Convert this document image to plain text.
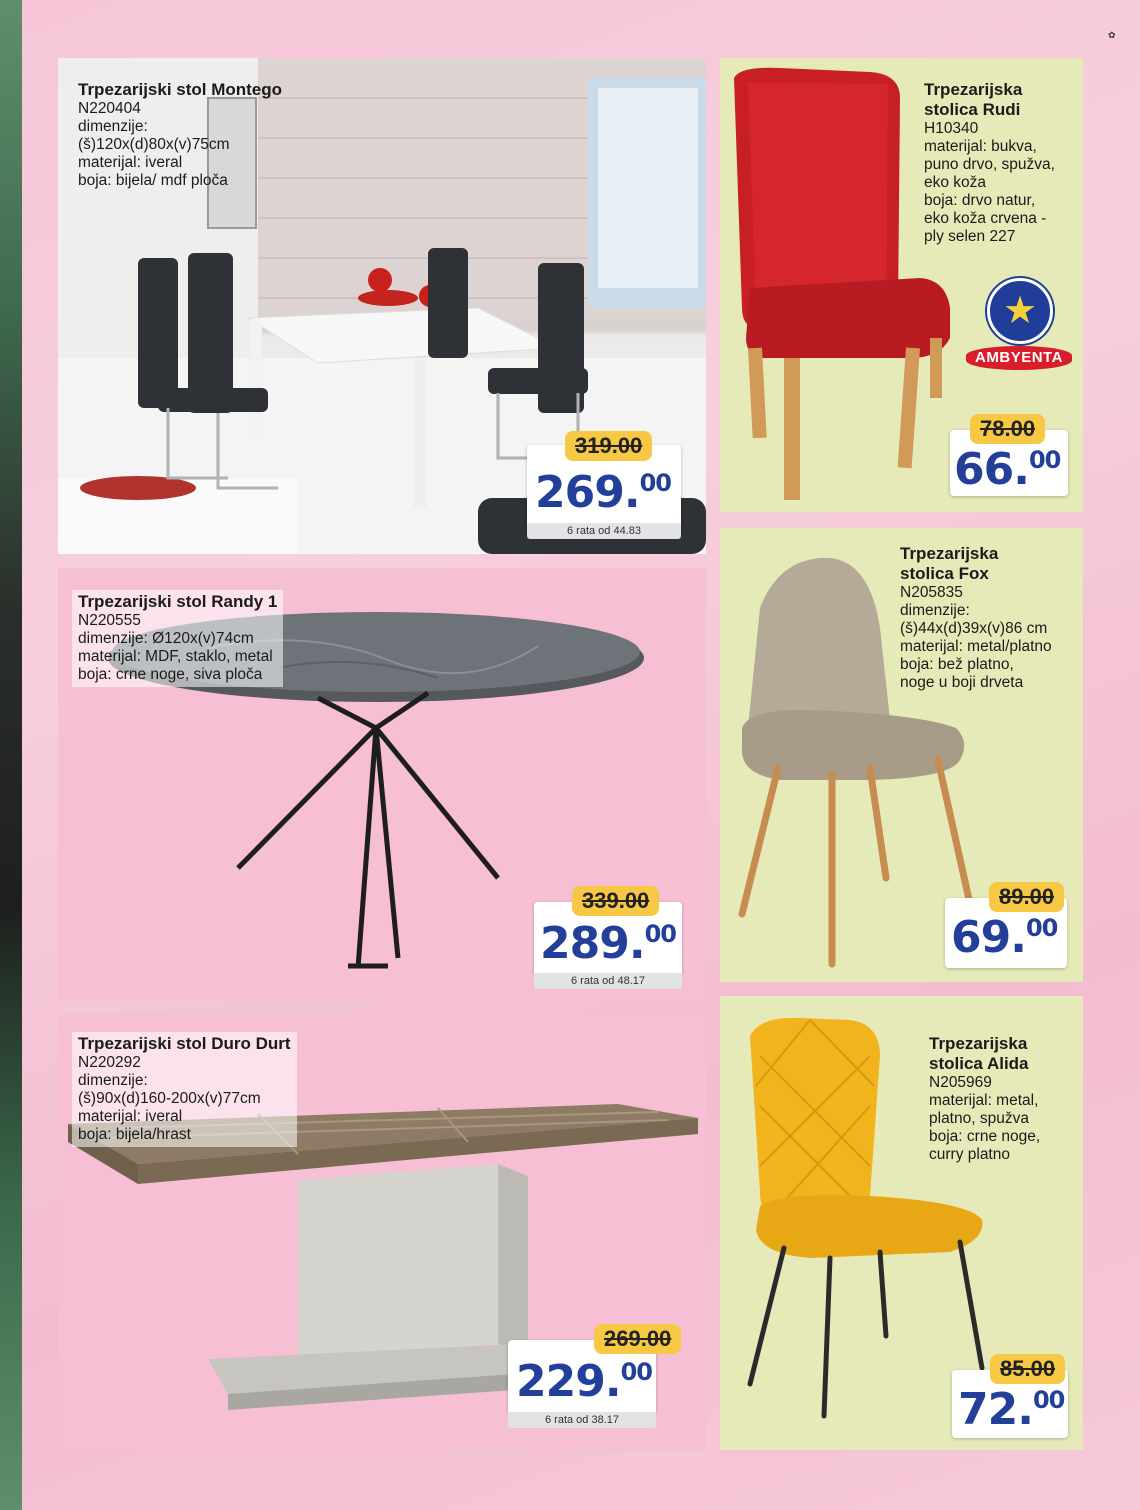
✿
Trpezarijski stol Montego
N220404
dimenzije:
(š)120x(d)80x(v)75cm
materijal: iveral
boja: bijela/ mdf ploča
319.00
269.00
6 rata od 44.83
Trpezarijska
stolica Rudi
H10340
materijal: bukva,
puno drvo, spužva,
eko koža
boja: drvo natur,
eko koža crvena -
ply selen 227
★
AMBYENTA
78.00
66.00
Trpezarijski stol Randy 1
N220555
dimenzije: Ø120x(v)74cm
materijal: MDF, staklo, metal
boja: crne noge, siva ploča
339.00
289.00
6 rata od 48.17
Trpezarijska
stolica Fox
N205835
dimenzije:
(š)44x(d)39x(v)86 cm
materijal: metal/platno
boja: bež platno,
noge u boji drveta
89.00
69.00
Trpezarijski stol Duro Durt
N220292
dimenzije:
(š)90x(d)160-200x(v)77cm
materijal: iveral
boja: bijela/hrast
269.00
229.00
6 rata od 38.17
Trpezarijska
stolica Alida
N205969
materijal: metal,
platno, spužva
boja: crne noge,
curry platno
85.00
72.00
